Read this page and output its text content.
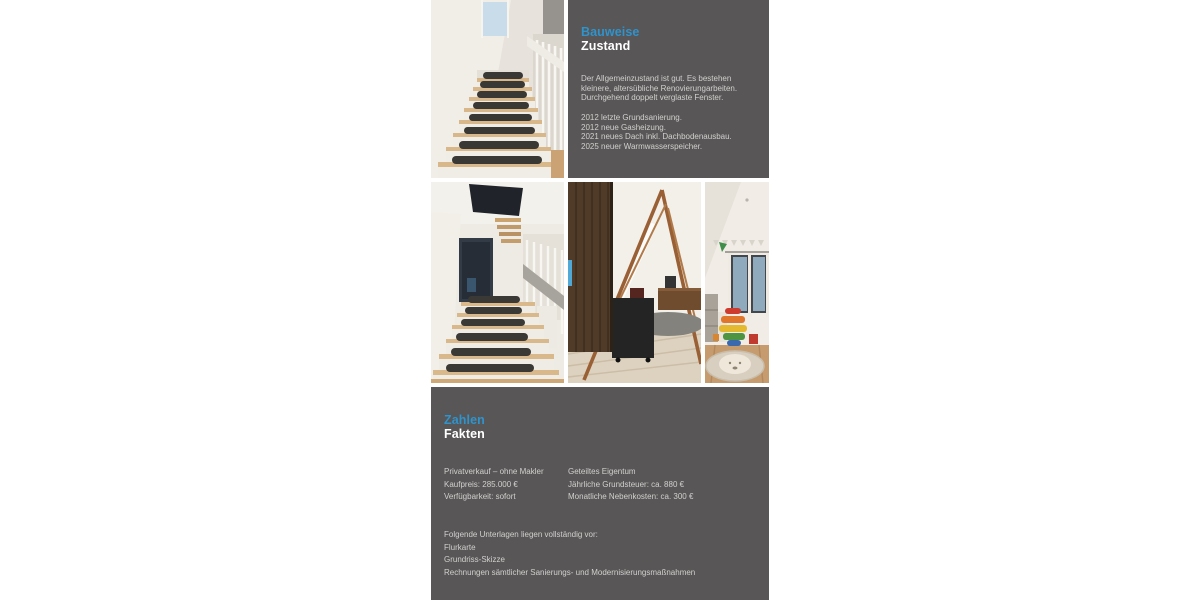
Bauweise
Zustand
Der Allgemeinzustand ist gut. Es bestehen
kleinere, altersübliche Renovierungarbeiten.
Durchgehend doppelt verglaste Fenster.
2012 letzte Grundsanierung.
2012 neue Gasheizung.
2021 neues Dach inkl. Dachbodenausbau.
2025 neuer Warmwasserspeicher.
Zahlen
Fakten
Privatverkauf – ohne Makler
Kaufpreis: 285.000 €
Verfügbarkeit: sofort
Geteiltes Eigentum
Jährliche Grundsteuer: ca. 880 €
Monatliche Nebenkosten: ca. 300 €
Folgende Unterlagen liegen vollständig vor:
Flurkarte
Grundriss-Skizze
Rechnungen sämtlicher Sanierungs- und Modernisierungsmaßnahmen
